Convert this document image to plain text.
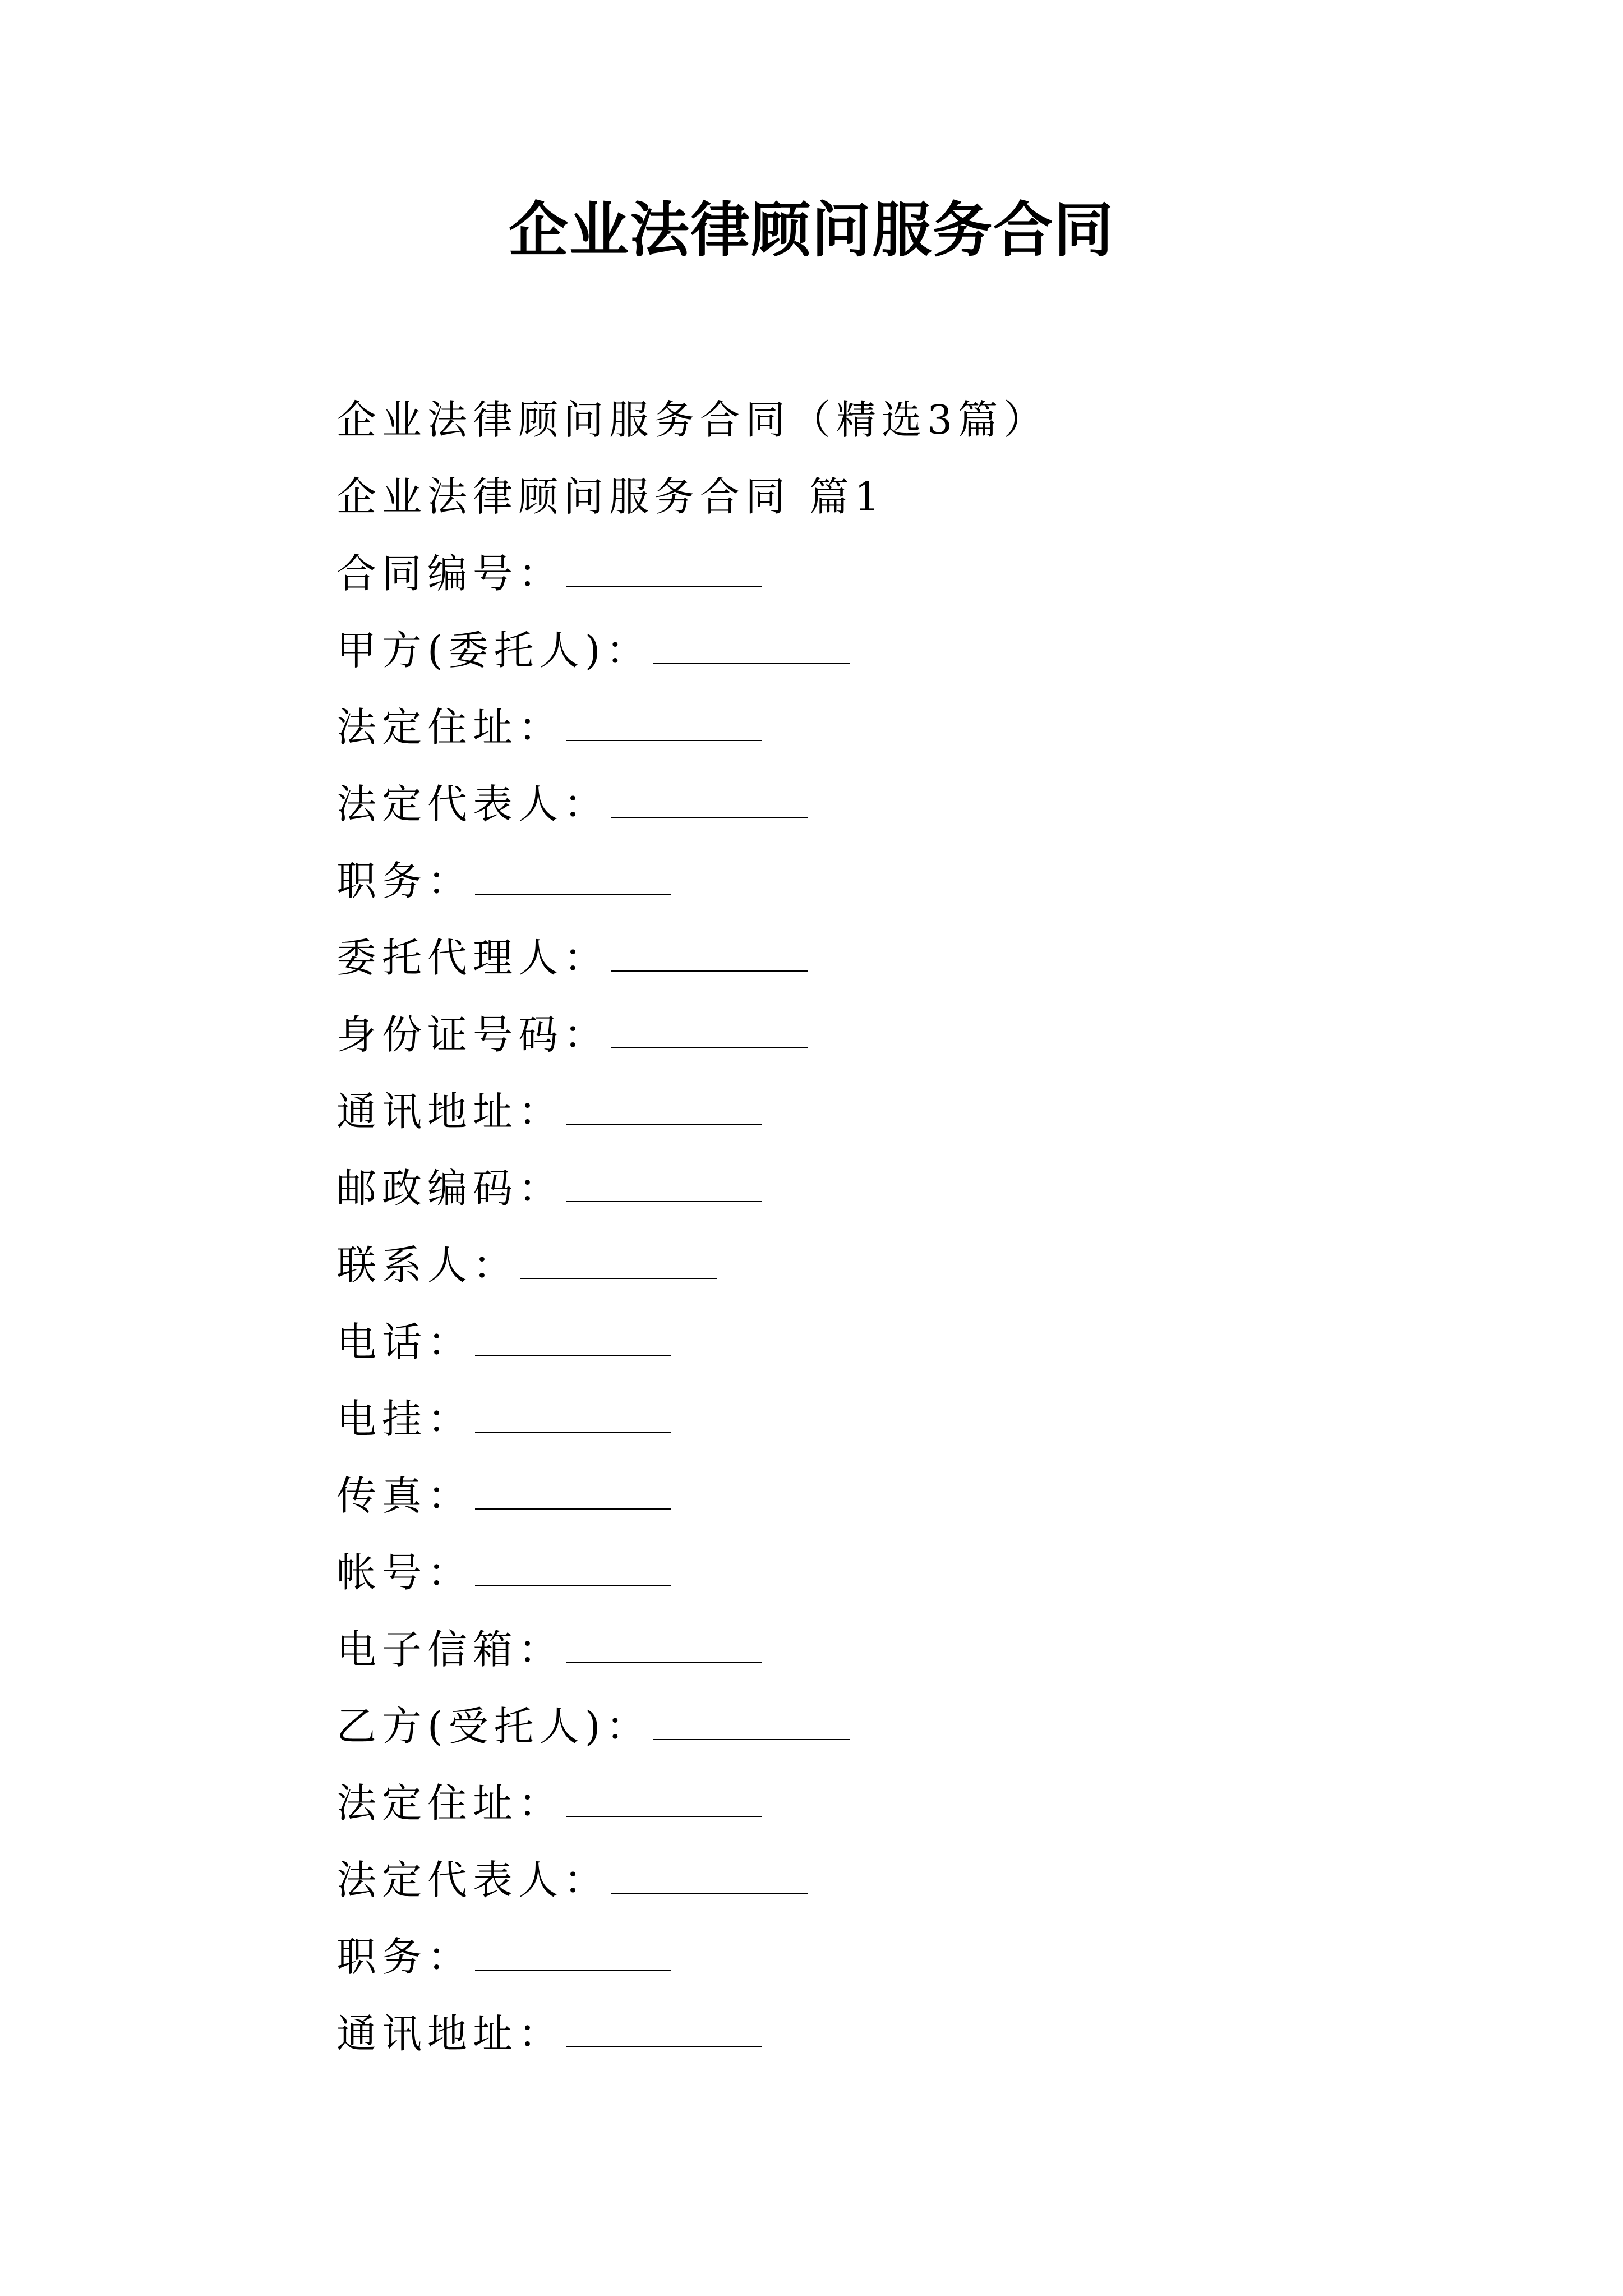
企业法律顾问服务合同
企业法律顾问服务合同（精选3篇）
企业法律顾问服务合同 篇1
合同编号：
甲方(委托人)：
法定住址：
法定代表人：
职务：
委托代理人：
身份证号码：
通讯地址：
邮政编码：
联系人：
电话：
电挂：
传真：
帐号：
电子信箱：
乙方(受托人)：
法定住址：
法定代表人：
职务：
通讯地址：
